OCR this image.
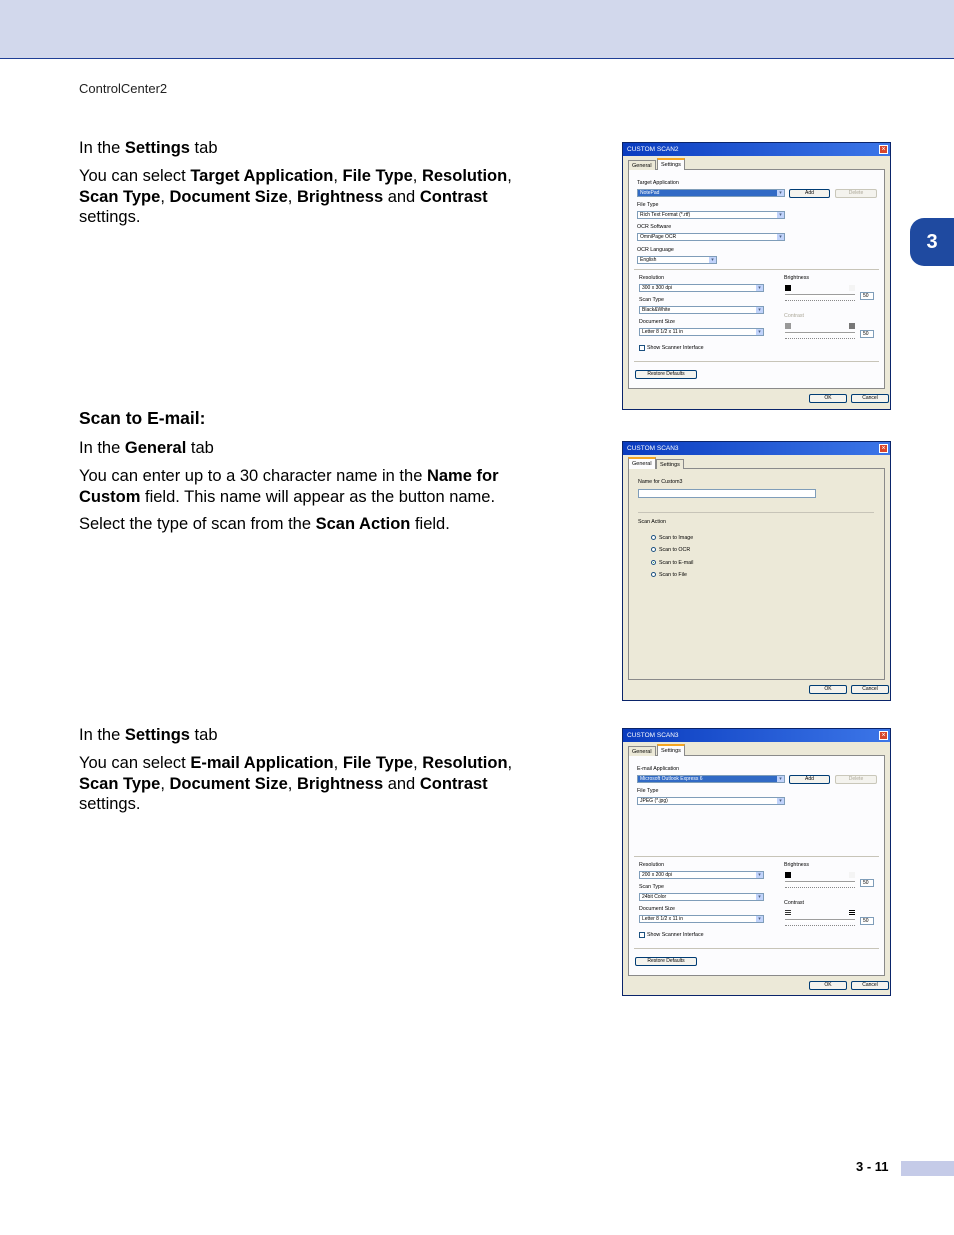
ControlCenter2
3
In the Settings tab
You can select Target Application, File Type, Resolution,
Scan Type, Document Size, Brightness and Contrast
settings.
Scan to E-mail:
In the General tab
You can enter up to a 30 character name in the Name for
Custom field. This name will appear as the button name.
Select the type of scan from the Scan Action field.
In the Settings tab
You can select E-mail Application, File Type, Resolution,
Scan Type, Document Size, Brightness and Contrast
settings.
CUSTOM SCAN2	×
Target Application
NotePad	▾	Add	Delete
File Type
Rich Text Format (*.rtf)	▾
OCR Software
OmniPage OCR	▾
OCR Language
English	▾
Resolution
300 x 300 dpi	▾
Scan Type
Black&White	▾
Document Size
Letter 8 1/2 x 11 in	▾
Brightness
50
Contrast
50
Show Scanner Interface
Restore Defaults
OK	Cancel
General	Settings
CUSTOM SCAN3	×
Name for Custom3
Scan Action
Scan to Image
Scan to OCR
Scan to E-mail
Scan to File
OK	Cancel
General	Settings
CUSTOM SCAN3	×
E-mail Application
Microsoft Outlook Express 6	▾	Add	Delete
File Type
JPEG (*.jpg)	▾
Resolution
200 x 200 dpi	▾
Scan Type
24bit Color	▾
Document Size
Letter 8 1/2 x 11 in	▾
Brightness
50
Contrast
50
Show Scanner Interface
Restore Defaults
OK	Cancel
General	Settings
3 - 11
